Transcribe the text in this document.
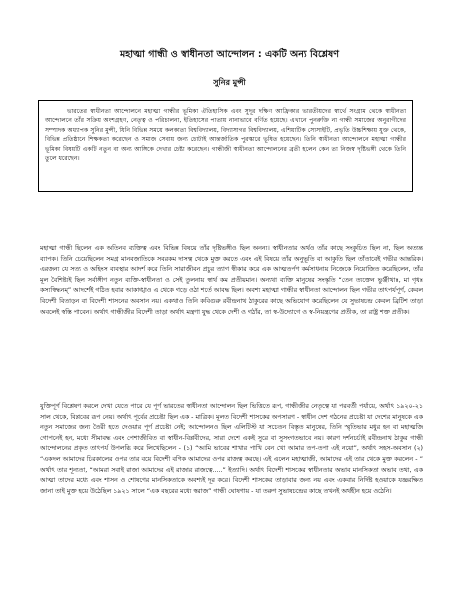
মহাত্মা গান্ধী ও স্বাধীনতা আন্দোলন : একটি অন্য বিশ্লেষণ
সুনির মুন্সী

ভারতের স্বাধীনতা আন্দোলনে মহাত্মা গান্ধীর ভূমিকা ঐতিহাসিক এবং সুদূর দক্ষিণ আফ্রিকার ভারতীয়দের স্বার্থে সংগ্রাম থেকে স্বাধীনতা আন্দোলনে তাঁর সক্রিয় অংশগ্রহণ, নেতৃত্ব ও পরিচালনা, ইতিহাসের পাতায় নানাভাবে বর্ণিত হয়েছে। এখানে পুনরুক্তি না গান্ধী সমাজের অনুরাগীদের সম্পাদক অধ্যাপক সুনির মুন্সী, যিনি বিভিন্ন সময়ে কলকাতা বিশ্ববিদ্যালয়, বিদ্যাসাগর বিশ্ববিদ্যালয়, এশিয়াটিক সোসাইটি, প্রভৃতি উচ্চশিক্ষায় যুক্ত থেকে, বিভিন্ন প্রতিষ্ঠানে শিক্ষকতা করেছেন ও সমাজ সেবায় জন্য চোটাই আন্তর্জাতিক পুরস্কারে ভূষিত হয়েছেন। তিনি স্বাধীনতা আন্দোলনে মহাত্মা গান্ধীর ভূমিকা বিষয়টি একটি নতুন বা অন্য আঙ্গিকে দেখার চেষ্টা করেছেন। গান্ধীজী স্বাধীনতা আন্দোলনের ব্রতী হলেন কেন তা নিজস্ব দৃষ্টিভঙ্গী থেকে তিনি তুলে ধরেছেন।

মহাত্মা গান্ধী ছিলেন এক অতিনব ব্যক্তিত্ব এবং বিভিন্ন বিষয়ে তাঁর দৃষ্টিভঙ্গীও ছিল অনন্য। স্বাধীনতার অর্থও তাঁর কাছে সংকুচিত ছিল না, ছিল অত্যন্ত ব্যাপক। তিনি চেয়েছিলেন সমগ্র মানবজাতিকে সবরকম দাসত্ব থেকে মুক্ত করতে এবং এই বিষয়ে তাঁর অনুভূতি বা আকুতি ছিল তাঁতাবেই গভীর আন্তরিক। এরজন্য যে সত্য ও অহিংস ব্যবস্থার আদর্শ করে তিনি সারাজীবন প্রচুর ত্যাগ স্বীকার করে এক আত্মতর্পণ কর্মসাধনায় নিজেকে নিয়োজিত করেছিলেন, তাঁর মূল বৈশিষ্ট্যই ছিল সর্বাঙ্গীণ নতুন ব্যক্তি-স্বাধীনতা ও সেই তুলনায় স্বার্থ কম প্রতীয়মান। অন্যথা ব্যক্তি মানুষের সংস্কৃতি “তেন ত্যক্তেন ভুঞ্জীথাঃ, মা গৃধঃ কস্যস্বিদ্ধনম্” আদর্শেই গঠিত হবার আকাঙ্খাও এ থেকে গড়ে ওঠা শর্তে আবদ্ধ ছিল। অবশ্য মহাত্মা গান্ধীর স্বাধীনতা আন্দোলন ছিল গভীর তাৎপর্যপূর্ণ, কেবল বিদেশী বিতাড়ন বা বিদেশী শাসনের অবসান নয়। একথাও তিনি কবিগুরু রবীন্দ্রনাথ ঠাকুরের কাছে অভিযোগ করেছিলেন যে সুভাষচন্দ্র কেবল ব্রিটিশ তাড়া অবলেই স্বস্তি পাবেন। অর্থাৎ গান্ধীজীর বিদেশী তাড়া অর্থাৎ মন্ত্রণা যুদ্ধ থেকে দেশী ও গঠাঁর, তা স্ব-উদ্যোগে ও স্ব-নিয়ন্ত্রণের প্রতীক, তা রাষ্ট্র শক্ত প্রতীক।

যুক্তিপূর্ণ বিশ্লেষণ করলে দেখা যেতে পারে যে পূর্ণ ভারতের স্বাধীনতা আন্দোলন ছিল ভিত্তিতে রূপ, গান্ধীজীর নেতৃত্বে যা পরবর্তী পর্যায়ে, অর্থাৎ ১৯২০-২১ সাল থেকে, বিপ্লবের রূপ নেয়। অর্থাৎ পূর্বের প্রচেষ্টা ছিল এক - মাত্রিক। মূলত বিদেশী শাসকের অপসারণ - স্বাধীন দেশ গঠনের প্রচেষ্টা যা দেশের মানুষকে এক নতুন সমাজের জন্য তৈরী হতে দেওয়ার পূর্ণ প্রচেষ্টা নেই; আন্দোলনও ছিল এলিটিস্ট যা সচেতন বিস্তৃত মানুষের, তিনি স্মৃতিভার মধুর হন বা মহাত্মজি গোপনেই হন, মধ্যে সীমাবদ্ধ এবং পেশাজীবিত বা স্বাধীন-বিপ্লবীদের, সারা দেশে একই সুরে বা সুসংগতভাবে নয়। কারণ দর্শনচর্চাই রবীন্দ্রনাথ ঠাকুর গান্ধী আন্দোলনের প্রকৃত তাৎপর্য উপলব্ধি করে লিখেছিলেন - (১) “আমি ভাবের শাখার পাখি বেন খো আমার তপ-তপা এই নয়ো”, অর্থাৎ সহস-অবসান (২) “একদল আমাদের চিরকালের ওপর তার বয়ে বিদেশী বণিক আমাদের ওপর রাজত্ব করছে। এই এলেন মহাত্মাজী, আমাদের এই তার থেকে মুক্ত করলেন - ” অর্থাৎ তার শূন্যতা, “আমরা সবাই রাজা আমাদের এই রাজার রাজত্বে.....” ইত্যাদি। অর্থাৎ বিদেশী শাসকের স্বাধীনতার অভাব মানসিকতা অভাব তথা, এক আত্মা তাদের মধ্যে এবং শাসন ও শোষণের মানসিকতাকে অবশ্যই দূর করে। বিদেশী শাসকের তাড়াবার জন্য নয় এবং একবার নির্দিষ্ট হওয়াকে যজ্ঞরক্ষিত জানা তাই মুক্ত হয়ে উঠেছিল ১৯২১ সালে “এক বছরের মধ্যে স্বরাজ” গান্ধী ঘোষণায় - যা তরুণ সুভাষচন্দ্রের কাছে তখনই অর্থহীন হয়ে ওঠেনি।
